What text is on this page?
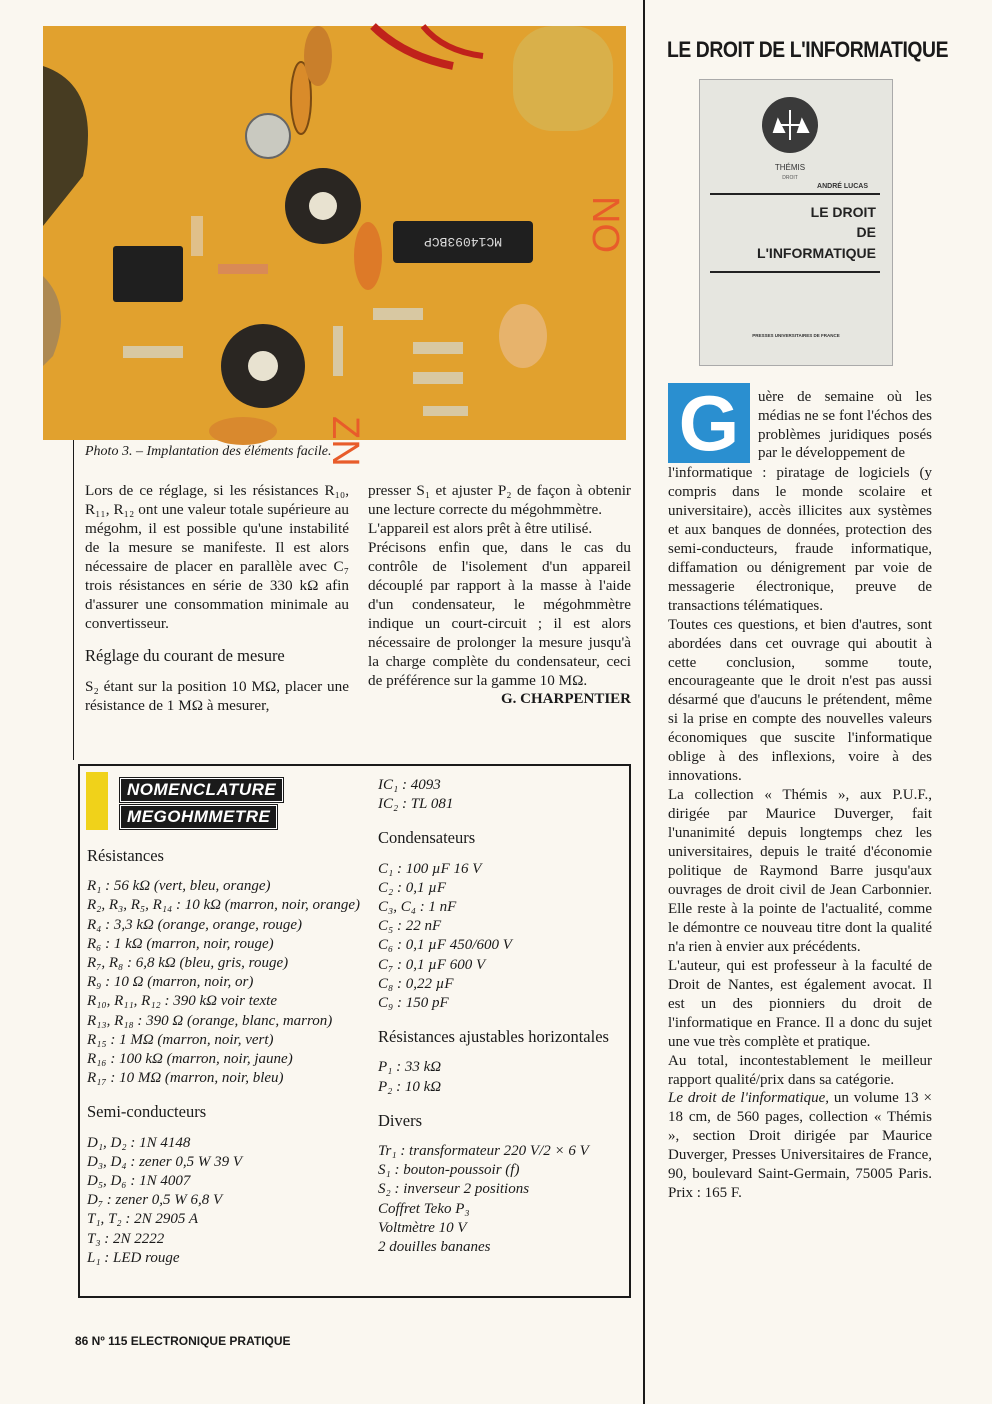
MC14093BCP NO
ZN
Photo 3. – Implantation des éléments facile.

Lors de ce réglage, si les résistances R₁₀, R₁₁, R₁₂ ont une valeur totale supérieure au mégohm, il est possible qu'une instabilité de la mesure se manifeste. Il est alors nécessaire de placer en parallèle avec C₇ trois résistances en série de 330 kΩ afin d'assurer une consommation minimale au convertisseur.

Réglage du courant de mesure

S₂ étant sur la position 10 MΩ, placer une résistance de 1 MΩ à mesurer,

presser S₁ et ajuster P₂ de façon à obtenir une lecture correcte du mégohmmètre.

L'appareil est alors prêt à être utilisé.

Précisons enfin que, dans le cas du contrôle de l'isolement d'un appareil découplé par rapport à la masse à l'aide d'un condensateur, le mégohmmètre indique un court-circuit ; il est alors nécessaire de prolonger la mesure jusqu'à la charge complète du condensateur, ceci de préférence sur la gamme 10 MΩ.

G. CHARPENTIER

NOMENCLATURE
MEGOHMMETRE
Résistances
R₁ : 56 kΩ (vert, bleu, orange)
R₂, R₃, R₅, R₁₄ : 10 kΩ (marron, noir, orange)
R₄ : 3,3 kΩ (orange, orange, rouge)
R₆ : 1 kΩ (marron, noir, rouge)
R₇, R₈ : 6,8 kΩ (bleu, gris, rouge)
R₉ : 10 Ω (marron, noir, or)
R₁₀, R₁₁, R₁₂ : 390 kΩ voir texte
R₁₃, R₁₈ : 390 Ω (orange, blanc, marron)
R₁₅ : 1 MΩ (marron, noir, vert)
R₁₆ : 100 kΩ (marron, noir, jaune)
R₁₇ : 10 MΩ (marron, noir, bleu)
Semi-conducteurs
D₁, D₂ : 1N 4148
D₃, D₄ : zener 0,5 W 39 V
D₅, D₆ : 1N 4007
D₇ : zener 0,5 W 6,8 V
T₁, T₂ : 2N 2905 A
T₃ : 2N 2222
L₁ : LED rouge
IC₁ : 4093
IC₂ : TL 081
Condensateurs
C₁ : 100 µF 16 V
C₂ : 0,1 µF
C₃, C₄ : 1 nF
C₅ : 22 nF
C₆ : 0,1 µF 450/600 V
C₇ : 0,1 µF 600 V
C₈ : 0,22 µF
C₉ : 150 pF
Résistances ajustables horizontales
P₁ : 33 kΩ
P₂ : 10 kΩ
Divers
Tr₁ : transformateur 220 V/2 × 6 V
S₁ : bouton-poussoir (f)
S₂ : inverseur 2 positions
Coffret Teko P₃
Voltmètre 10 V
2 douilles bananes
LE DROIT DE L'INFORMATIQUE
THÉMIS
DROIT
ANDRÉ LUCAS
LE DROIT
DE
L'INFORMATIQUE
PRESSES UNIVERSITAIRES DE FRANCE
G	uère de semaine où les médias ne se font l'échos des problèmes juridiques posés par le développement de

l'informatique : piratage de logiciels (y compris dans le monde scolaire et universitaire), accès illicites aux systèmes et aux banques de données, protection des semi-conducteurs, fraude informatique, diffamation ou dénigrement par voie de messagerie électronique, preuve de transactions télématiques.

Toutes ces questions, et bien d'autres, sont abordées dans cet ouvrage qui aboutit à cette conclusion, somme toute, encourageante que le droit n'est pas aussi désarmé que d'aucuns le prétendent, même si la prise en compte des nouvelles valeurs économiques que suscite l'informatique oblige à des inflexions, voire à des innovations.

La collection « Thémis », aux P.U.F., dirigée par Maurice Duverger, fait l'unanimité depuis longtemps chez les universitaires, depuis le traité d'économie politique de Raymond Barre jusqu'aux ouvrages de droit civil de Jean Carbonnier. Elle reste à la pointe de l'actualité, comme le démontre ce nouveau titre dont la qualité n'a rien à envier aux précédents.

L'auteur, qui est professeur à la faculté de Droit de Nantes, est également avocat. Il est un des pionniers du droit de l'informatique en France. Il a donc du sujet une vue très complète et pratique.

Au total, incontestablement le meilleur rapport qualité/prix dans sa catégorie.

Le droit de l'informatique, un volume 13 × 18 cm, de 560 pages, collection « Thémis », section Droit dirigée par Maurice Duverger, Presses Universitaires de France, 90, boulevard Saint-Germain, 75005 Paris. Prix : 165 F.

86 Nº 115 ELECTRONIQUE PRATIQUE
